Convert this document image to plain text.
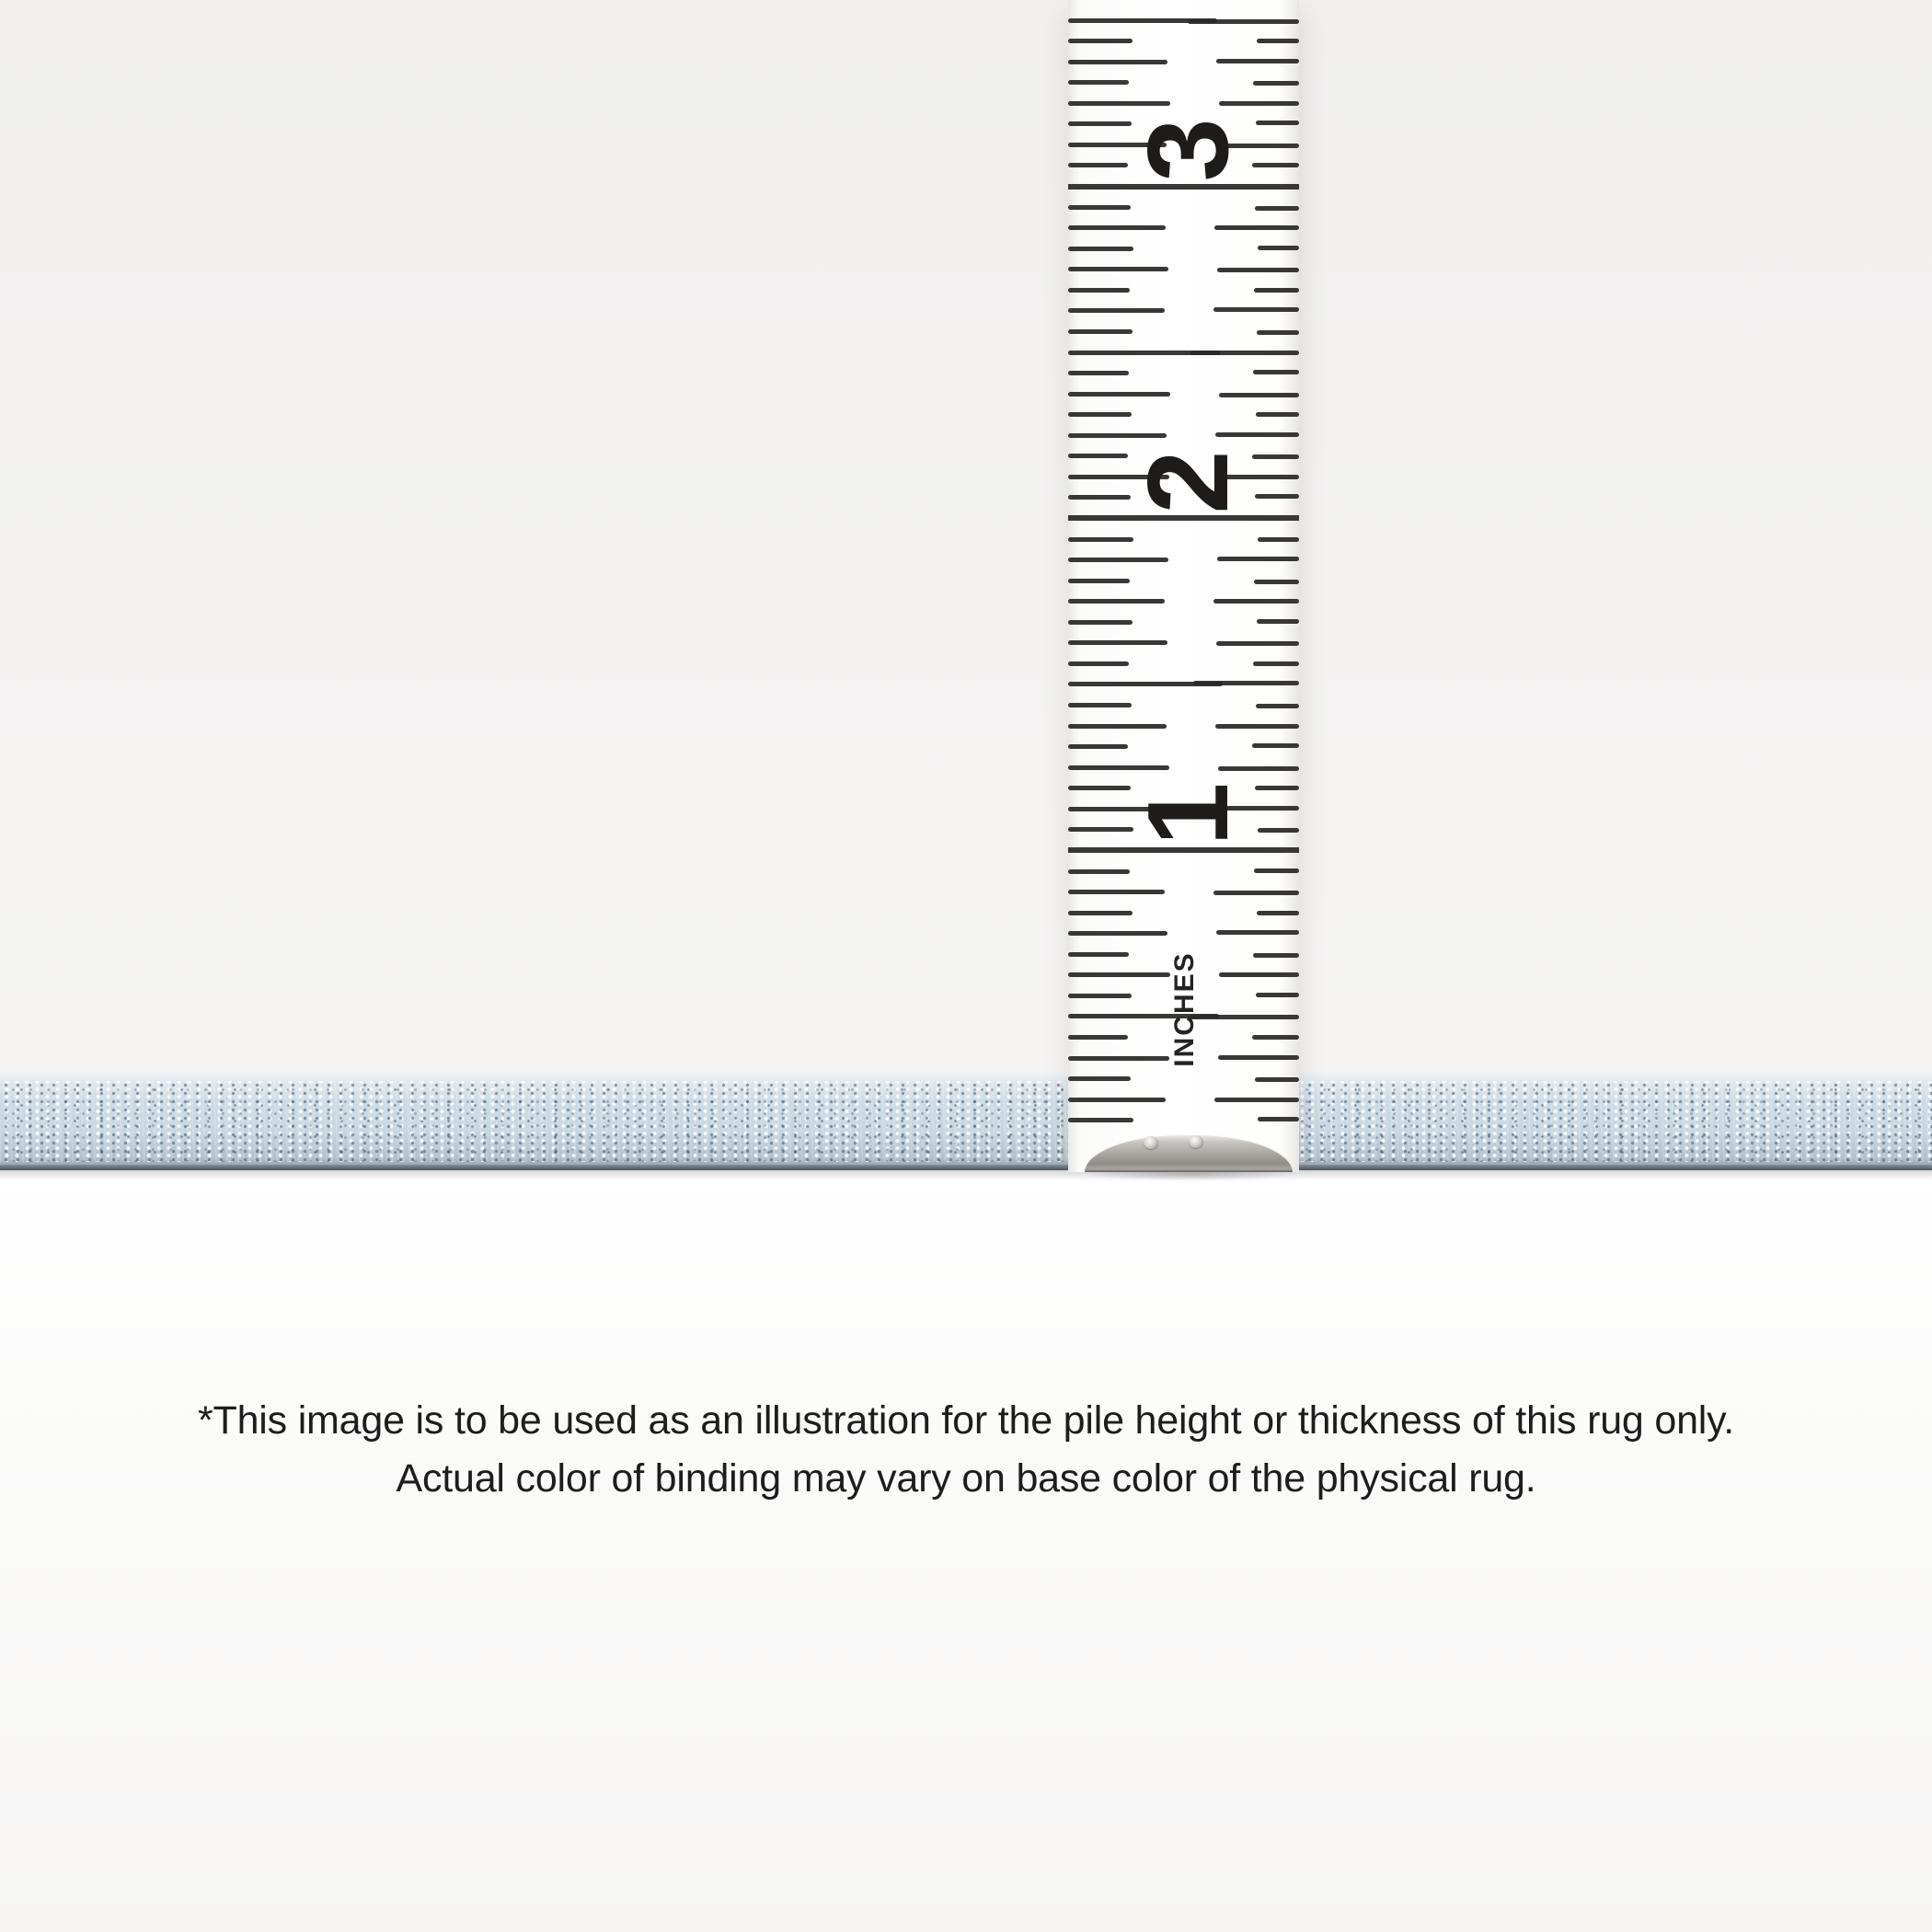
1
2
3
INCHES
*This image is to be used as an illustration for the pile height or thickness of this rug only.
Actual color of binding may vary on base color of the physical rug.
